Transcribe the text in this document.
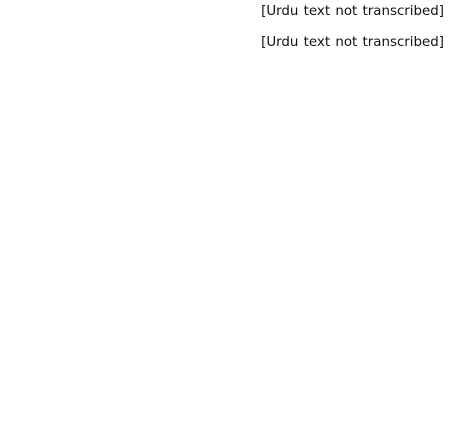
[Urdu text not transcribed]

[Urdu text not transcribed]
